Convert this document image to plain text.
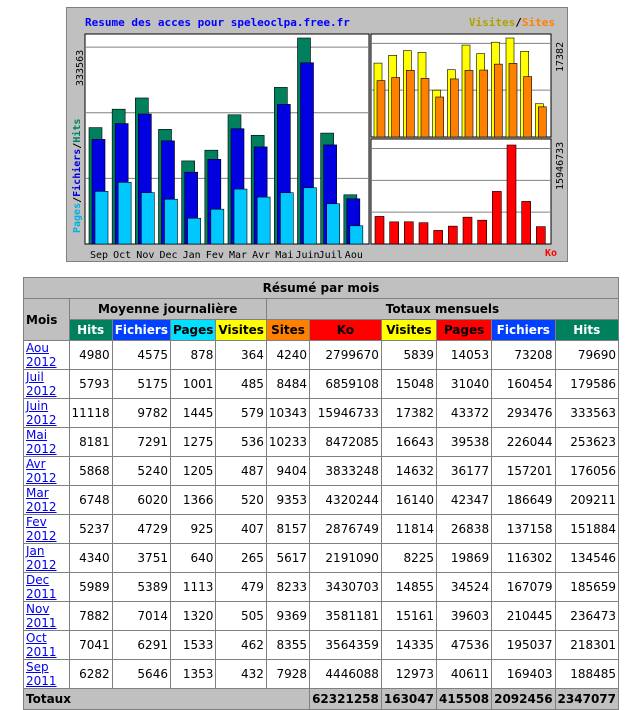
Sep Oct Nov Dec Jan Fev Mar Avr Mai Juin Juil Aou
Resume des acces pour speleoclpa.free.fr	Visites/Sites
Pages/Fichiers/Hits
333563	17382
15946733
Ko
Résumé par mois										
Mois	Moyenne journalière				Totaux mensuels					
	Hits	Fichiers	Pages	Visites	Sites	Ko	Visites	Pages	Fichiers	Hits
Aou 2012	4980	4575	878	364	4240	2799670	5839	14053	73208	79690
Juil 2012	5793	5175	1001	485	8484	6859108	15048	31040	160454	179586
Juin 2012	11118	9782	1445	579	10343	15946733	17382	43372	293476	333563
Mai 2012	8181	7291	1275	536	10233	8472085	16643	39538	226044	253623
Avr 2012	5868	5240	1205	487	9404	3833248	14632	36177	157201	176056
Mar 2012	6748	6020	1366	520	9353	4320244	16140	42347	186649	209211
Fev 2012	5237	4729	925	407	8157	2876749	11814	26838	137158	151884
Jan 2012	4340	3751	640	265	5617	2191090	8225	19869	116302	134546
Dec 2011	5989	5389	1113	479	8233	3430703	14855	34524	167079	185659
Nov 2011	7882	7014	1320	505	9369	3581181	15161	39603	210445	236473
Oct 2011	7041	6291	1533	462	8355	3564359	14335	47536	195037	218301
Sep 2011	6282	5646	1353	432	7928	4446088	12973	40611	169403	188485
Totaux						62321258	163047	415508	2092456	2347077
